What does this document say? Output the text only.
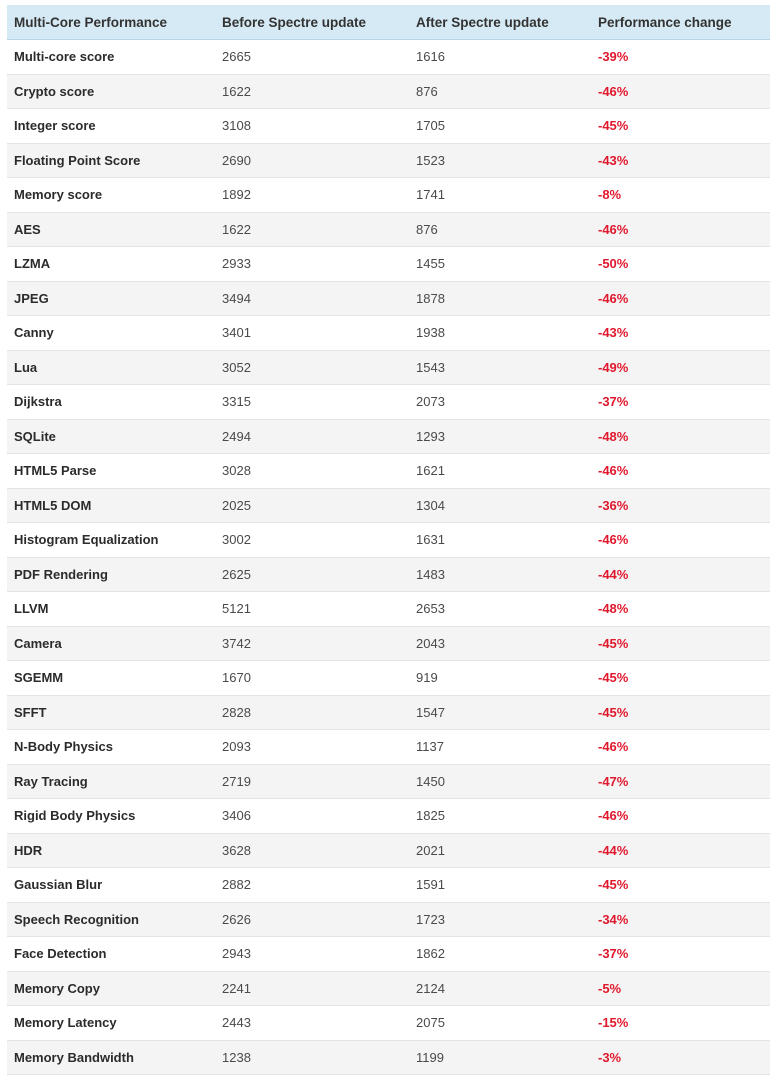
Multi-Core Performance	Before Spectre update	After Spectre update	Performance change
Multi-core score	2665	1616	-39%
Crypto score	1622	876	-46%
Integer score	3108	1705	-45%
Floating Point Score	2690	1523	-43%
Memory score	1892	1741	-8%
AES	1622	876	-46%
LZMA	2933	1455	-50%
JPEG	3494	1878	-46%
Canny	3401	1938	-43%
Lua	3052	1543	-49%
Dijkstra	3315	2073	-37%
SQLite	2494	1293	-48%
HTML5 Parse	3028	1621	-46%
HTML5 DOM	2025	1304	-36%
Histogram Equalization	3002	1631	-46%
PDF Rendering	2625	1483	-44%
LLVM	5121	2653	-48%
Camera	3742	2043	-45%
SGEMM	1670	919	-45%
SFFT	2828	1547	-45%
N-Body Physics	2093	1137	-46%
Ray Tracing	2719	1450	-47%
Rigid Body Physics	3406	1825	-46%
HDR	3628	2021	-44%
Gaussian Blur	2882	1591	-45%
Speech Recognition	2626	1723	-34%
Face Detection	2943	1862	-37%
Memory Copy	2241	2124	-5%
Memory Latency	2443	2075	-15%
Memory Bandwidth	1238	1199	-3%
